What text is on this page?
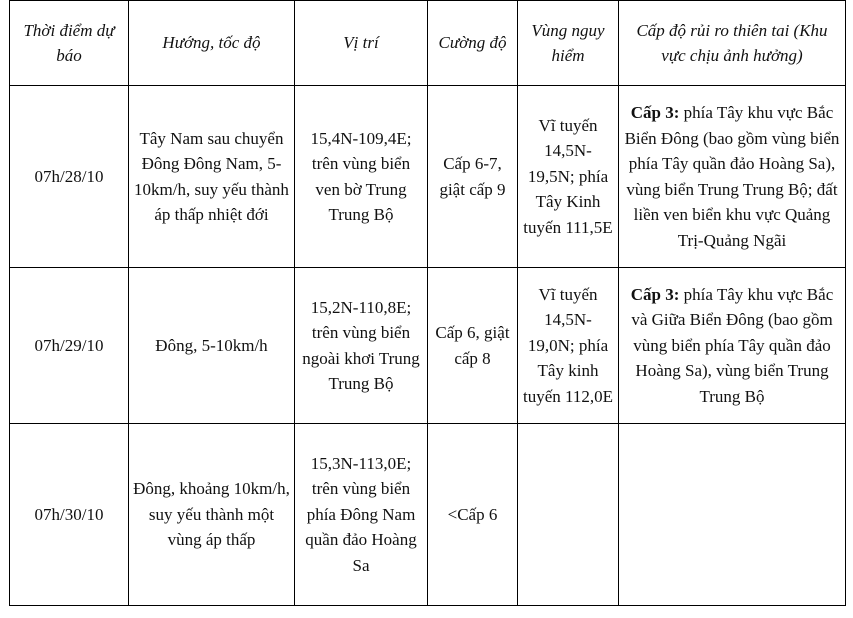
Thời điểm dự báo	Hướng, tốc độ	Vị trí	Cường độ	Vùng nguy hiểm	Cấp độ rủi ro thiên tai (Khu vực chịu ảnh hưởng)
07h/28/10	Tây Nam sau chuyển Đông Đông Nam, 5-10km/h, suy yếu thành áp thấp nhiệt đới	15,4N-109,4E; trên vùng biển ven bờ Trung Trung Bộ	Cấp 6-7, giật cấp 9	Vĩ tuyến 14,5N-19,5N; phía Tây Kinh tuyến 111,5E	Cấp 3: phía Tây khu vực Bắc Biển Đông (bao gồm vùng biển phía Tây quần đảo Hoàng Sa), vùng biển Trung Trung Bộ; đất liền ven biển khu vực Quảng Trị-Quảng Ngãi
07h/29/10	Đông, 5-10km/h	15,2N-110,8E; trên vùng biển ngoài khơi Trung Trung Bộ	Cấp 6, giật cấp 8	Vĩ tuyến 14,5N-19,0N; phía Tây kinh tuyến 112,0E	Cấp 3: phía Tây khu vực Bắc và Giữa Biển Đông (bao gồm vùng biển phía Tây quần đảo Hoàng Sa), vùng biển Trung Trung Bộ
07h/30/10	Đông, khoảng 10km/h, suy yếu thành một vùng áp thấp	15,3N-113,0E; trên vùng biển phía Đông Nam quần đảo Hoàng Sa	<Cấp 6		
